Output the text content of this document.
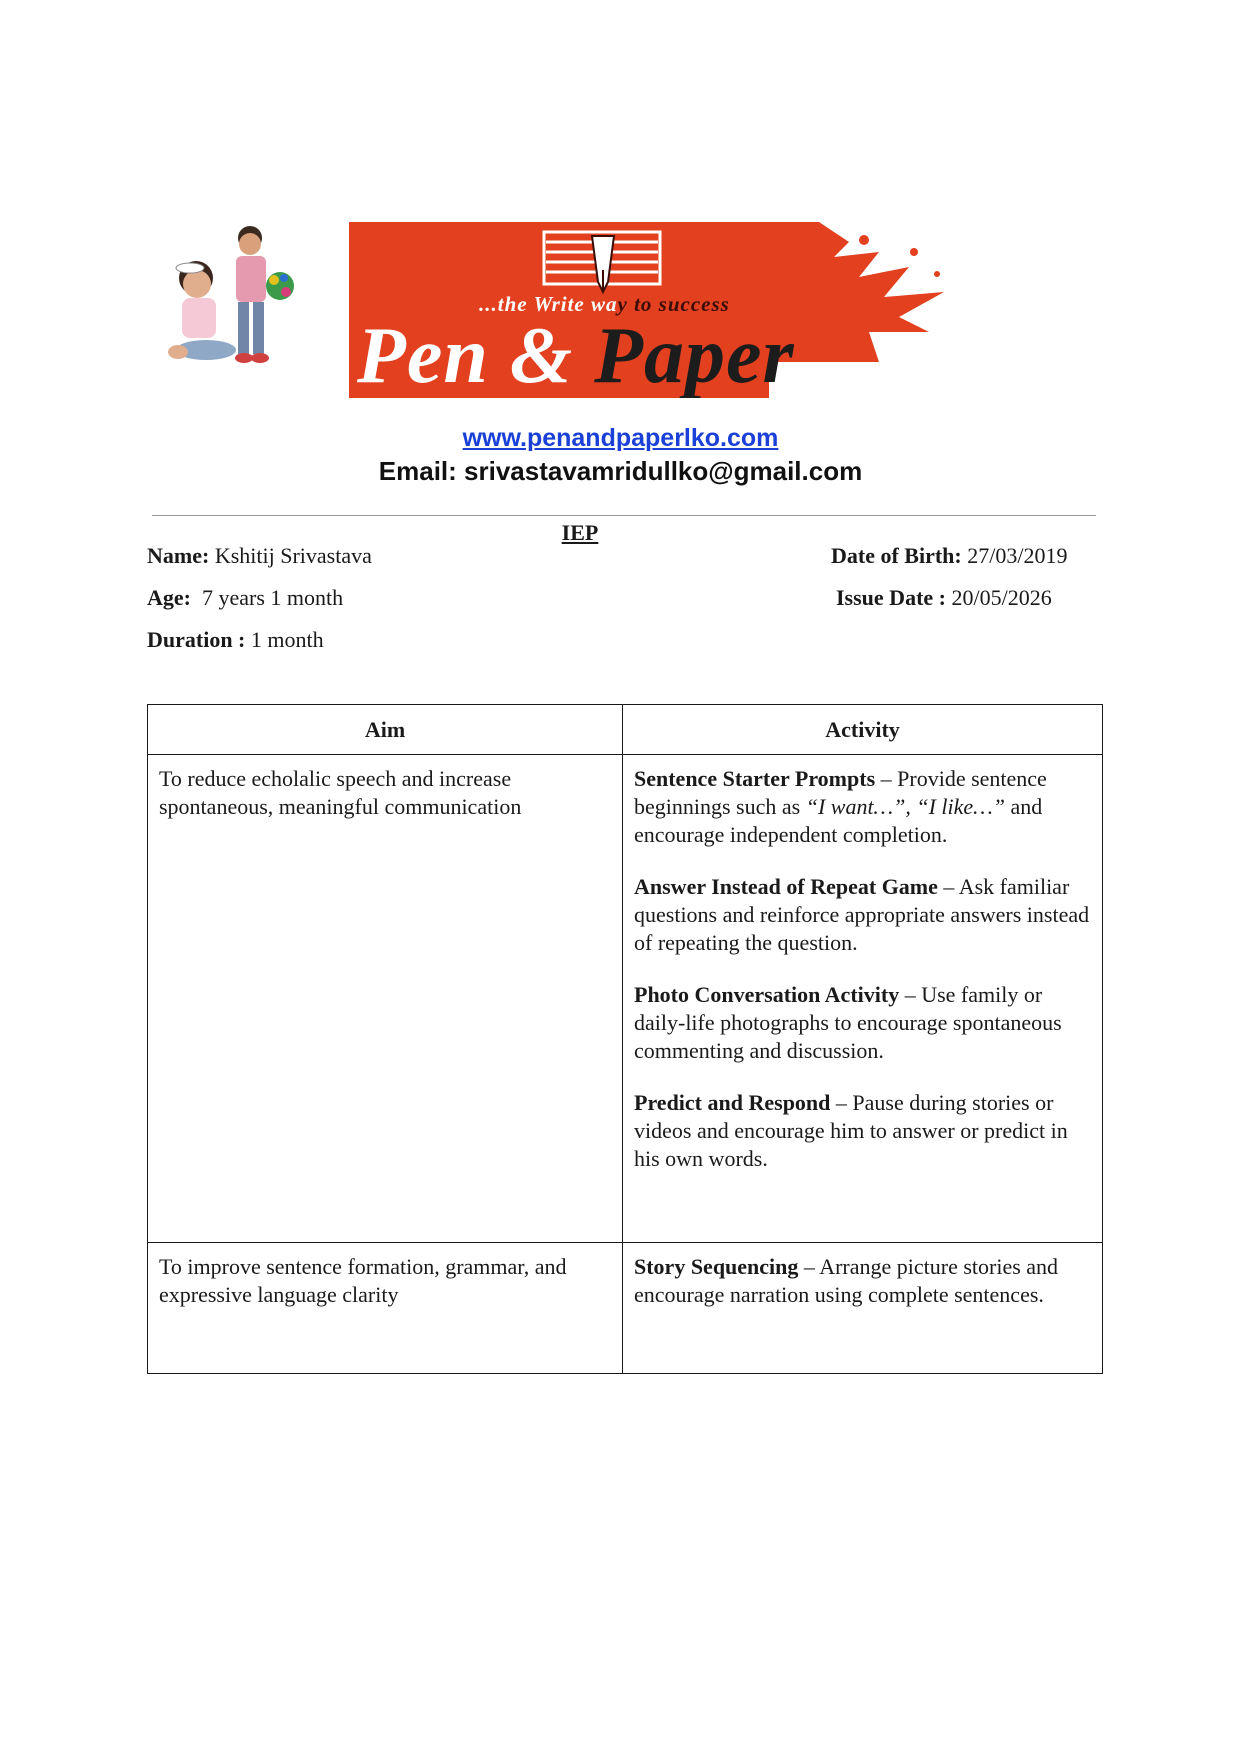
...the Write way to success
Pen & Paper
www.penandpaperlko.com
Email: srivastavamridullko@gmail.com
IEP
Name: Kshitij Srivastava
Age:  7 years 1 month
Duration : 1 month
Date of Birth: 27/03/2019
Issue Date : 20/05/2026
Aim	Activity
To reduce echolalic speech and increase spontaneous, meaningful communication	Sentence Starter Prompts – Provide sentence beginnings such as “I want…”, “I like…” and encourage independent completion.

Answer Instead of Repeat Game – Ask familiar questions and reinforce appropriate answers instead of repeating the question.

Photo Conversation Activity – Use family or daily-life photographs to encourage spontaneous commenting and discussion.

Predict and Respond – Pause during stories or videos and encourage him to answer or predict in his own words.

To improve sentence formation, grammar, and expressive language clarity	Story Sequencing – Arrange picture stories and encourage narration using complete sentences.
